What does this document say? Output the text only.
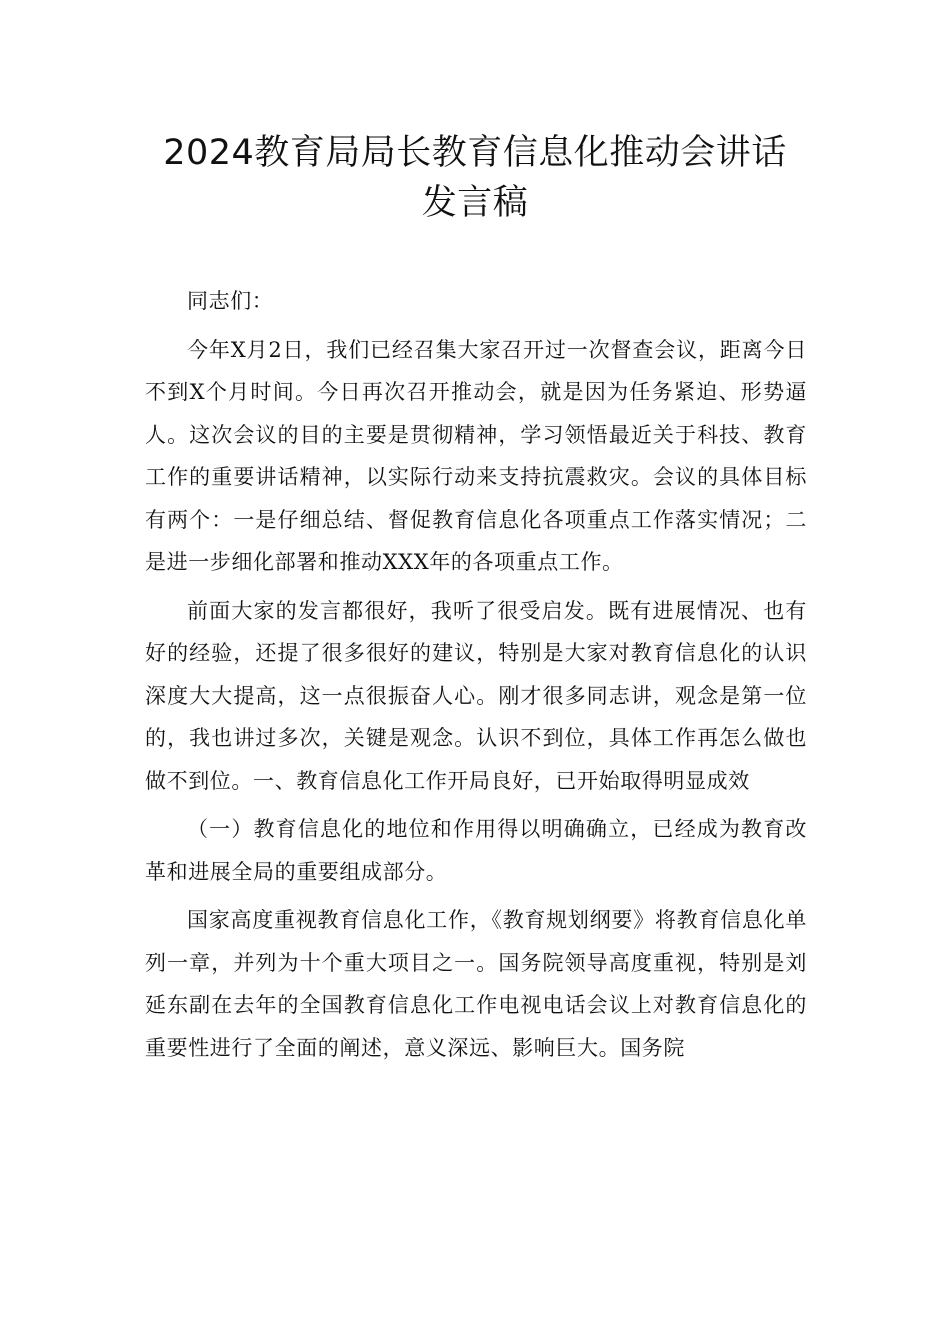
2024教育局局长教育信息化推动会讲话
发言稿

同志们：

今年X月2日，我们已经召集大家召开过一次督查会议，距离今日不到X个月时间。今日再次召开推动会，就是因为任务紧迫、形势逼人。这次会议的目的主要是贯彻精神，学习领悟最近关于科技、教育工作的重要讲话精神，以实际行动来支持抗震救灾。会议的具体目标有两个：一是仔细总结、督促教育信息化各项重点工作落实情况；二是进一步细化部署和推动XXX年的各项重点工作。

前面大家的发言都很好，我听了很受启发。既有进展情况、也有好的经验，还提了很多很好的建议，特别是大家对教育信息化的认识深度大大提高，这一点很振奋人心。刚才很多同志讲，观念是第一位的，我也讲过多次，关键是观念。认识不到位，具体工作再怎么做也做不到位。一、教育信息化工作开局良好，已开始取得明显成效

（一）教育信息化的地位和作用得以明确确立，已经成为教育改革和进展全局的重要组成部分。

国家高度重视教育信息化工作，《教育规划纲要》将教育信息化单列一章，并列为十个重大项目之一。国务院领导高度重视，特别是刘延东副在去年的全国教育信息化工作电视电话会议上对教育信息化的重要性进行了全面的阐述，意义深远、影响巨大。国务院
